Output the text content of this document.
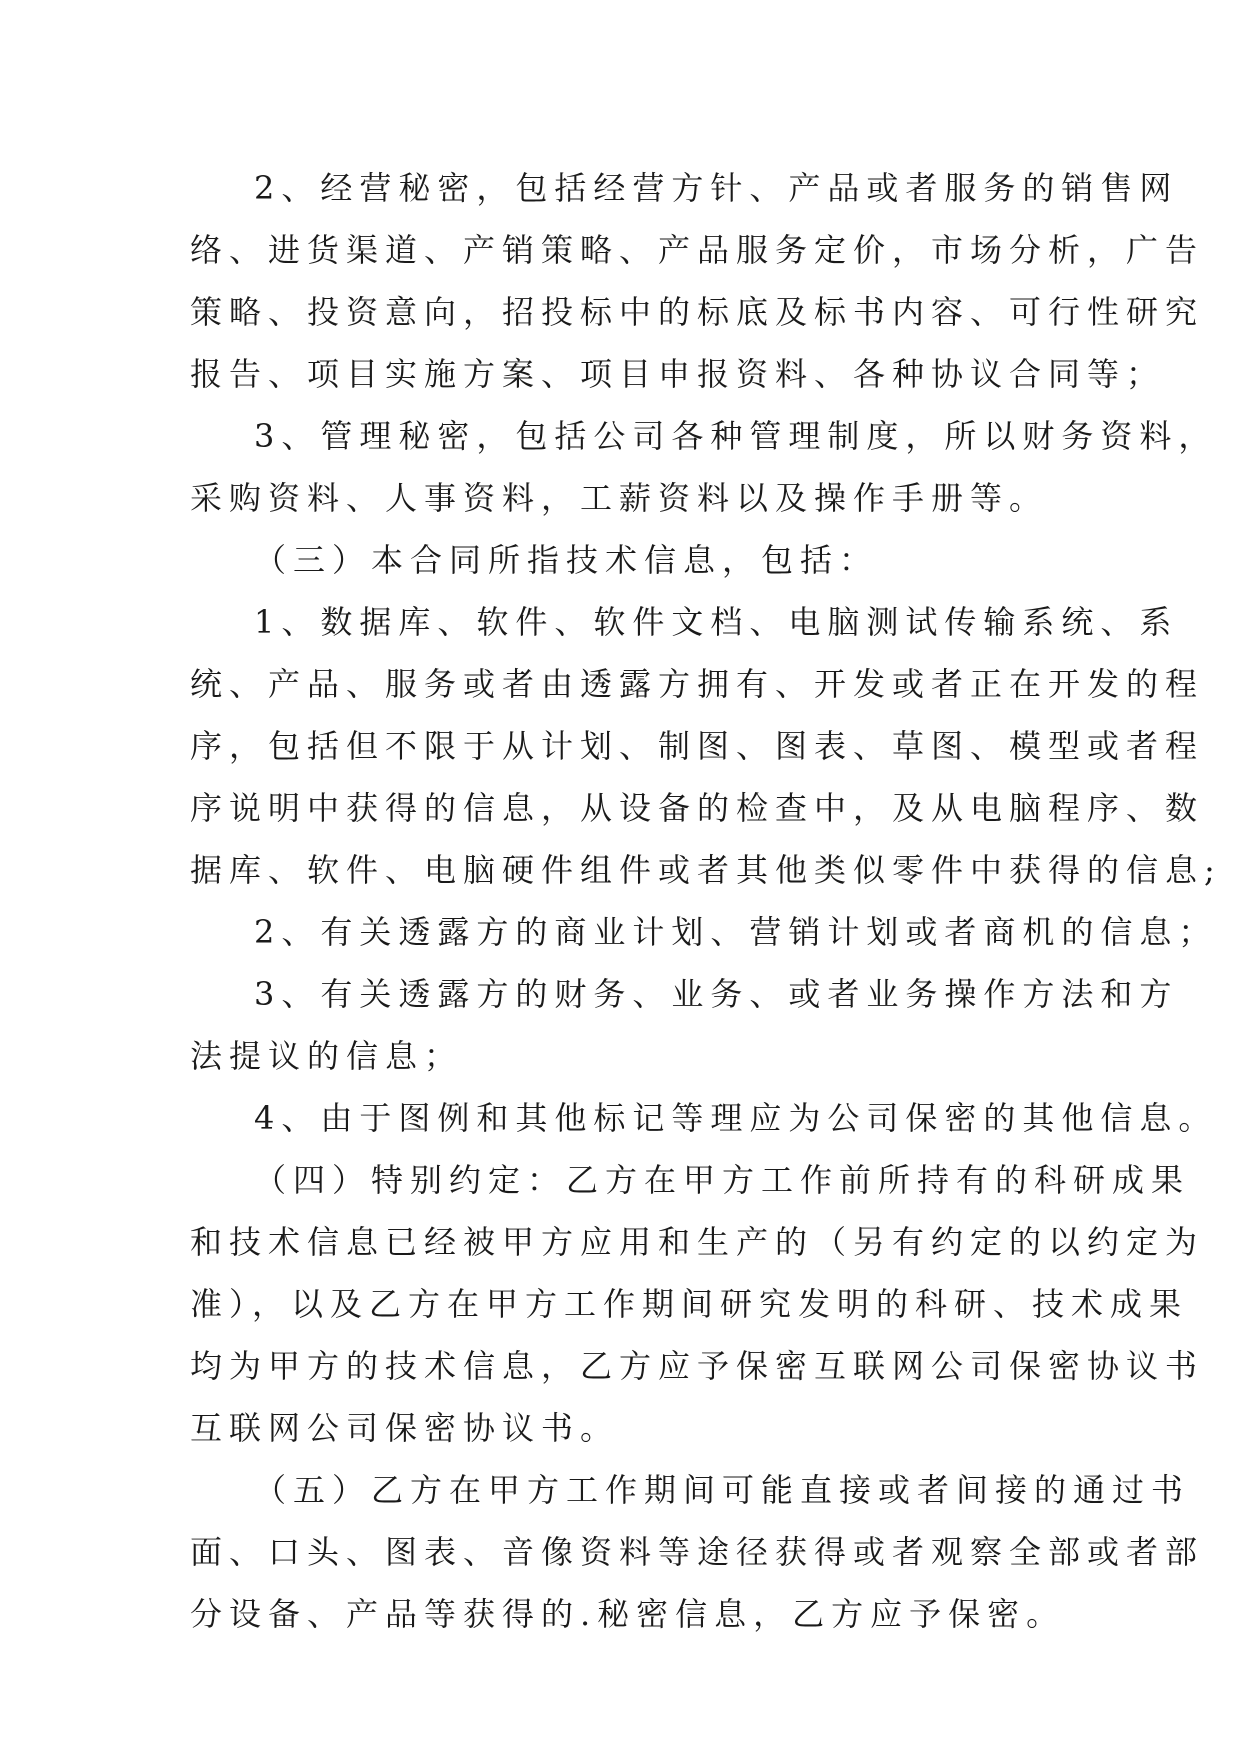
2、经营秘密，包括经营方针、产品或者服务的销售网
络、进货渠道、产销策略、产品服务定价，市场分析，广告
策略、投资意向，招投标中的标底及标书内容、可行性研究
报告、项目实施方案、项目申报资料、各种协议合同等；
3、管理秘密，包括公司各种管理制度，所以财务资料，
采购资料、人事资料，工薪资料以及操作手册等。
（三）本合同所指技术信息，包括：
1、数据库、软件、软件文档、电脑测试传输系统、系
统、产品、服务或者由透露方拥有、开发或者正在开发的程
序，包括但不限于从计划、制图、图表、草图、模型或者程
序说明中获得的信息，从设备的检查中，及从电脑程序、数
据库、软件、电脑硬件组件或者其他类似零件中获得的信息;
2、有关透露方的商业计划、营销计划或者商机的信息；
3、有关透露方的财务、业务、或者业务操作方法和方
法提议的信息；
4、由于图例和其他标记等理应为公司保密的其他信息。
（四）特别约定：乙方在甲方工作前所持有的科研成果
和技术信息已经被甲方应用和生产的（另有约定的以约定为
准），以及乙方在甲方工作期间研究发明的科研、技术成果
均为甲方的技术信息，乙方应予保密互联网公司保密协议书
互联网公司保密协议书。
（五）乙方在甲方工作期间可能直接或者间接的通过书
面、口头、图表、音像资料等途径获得或者观察全部或者部
分设备、产品等获得的.秘密信息，乙方应予保密。
